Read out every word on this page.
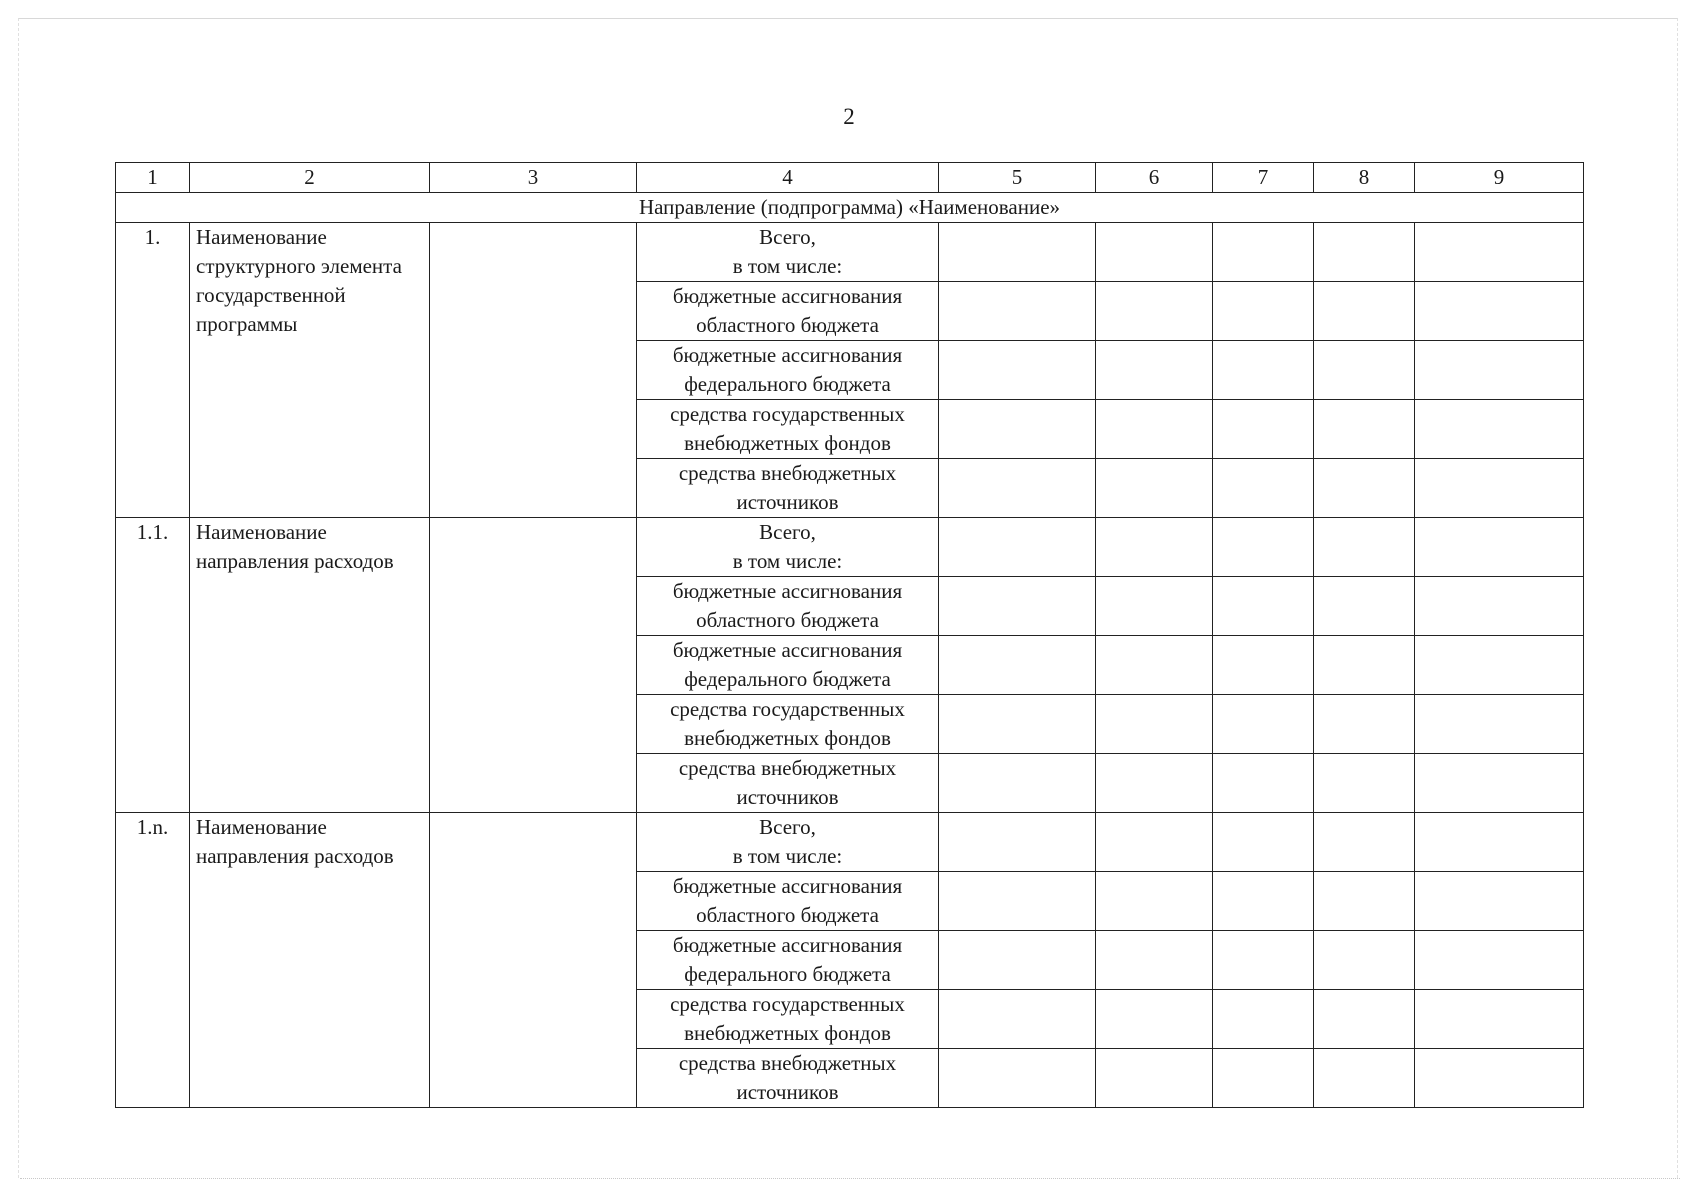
2
1	2	3	4	5	6	7	8	9
Направление (подпрограмма) «Наименование»								
1.	Наименование структурного элемента государственной программы		Всего,
в том числе:					
			бюджетные ассигнования
областного бюджета					
			бюджетные ассигнования
федерального бюджета					
			средства государственных
внебюджетных фондов					
			средства внебюджетных
источников					
1.1.	Наименование направления расходов		Всего,
в том числе:					
			бюджетные ассигнования
областного бюджета					
			бюджетные ассигнования
федерального бюджета					
			средства государственных
внебюджетных фондов					
			средства внебюджетных
источников					
1.n.	Наименование направления расходов		Всего,
в том числе:					
			бюджетные ассигнования
областного бюджета					
			бюджетные ассигнования
федерального бюджета					
			средства государственных
внебюджетных фондов					
			средства внебюджетных
источников					
